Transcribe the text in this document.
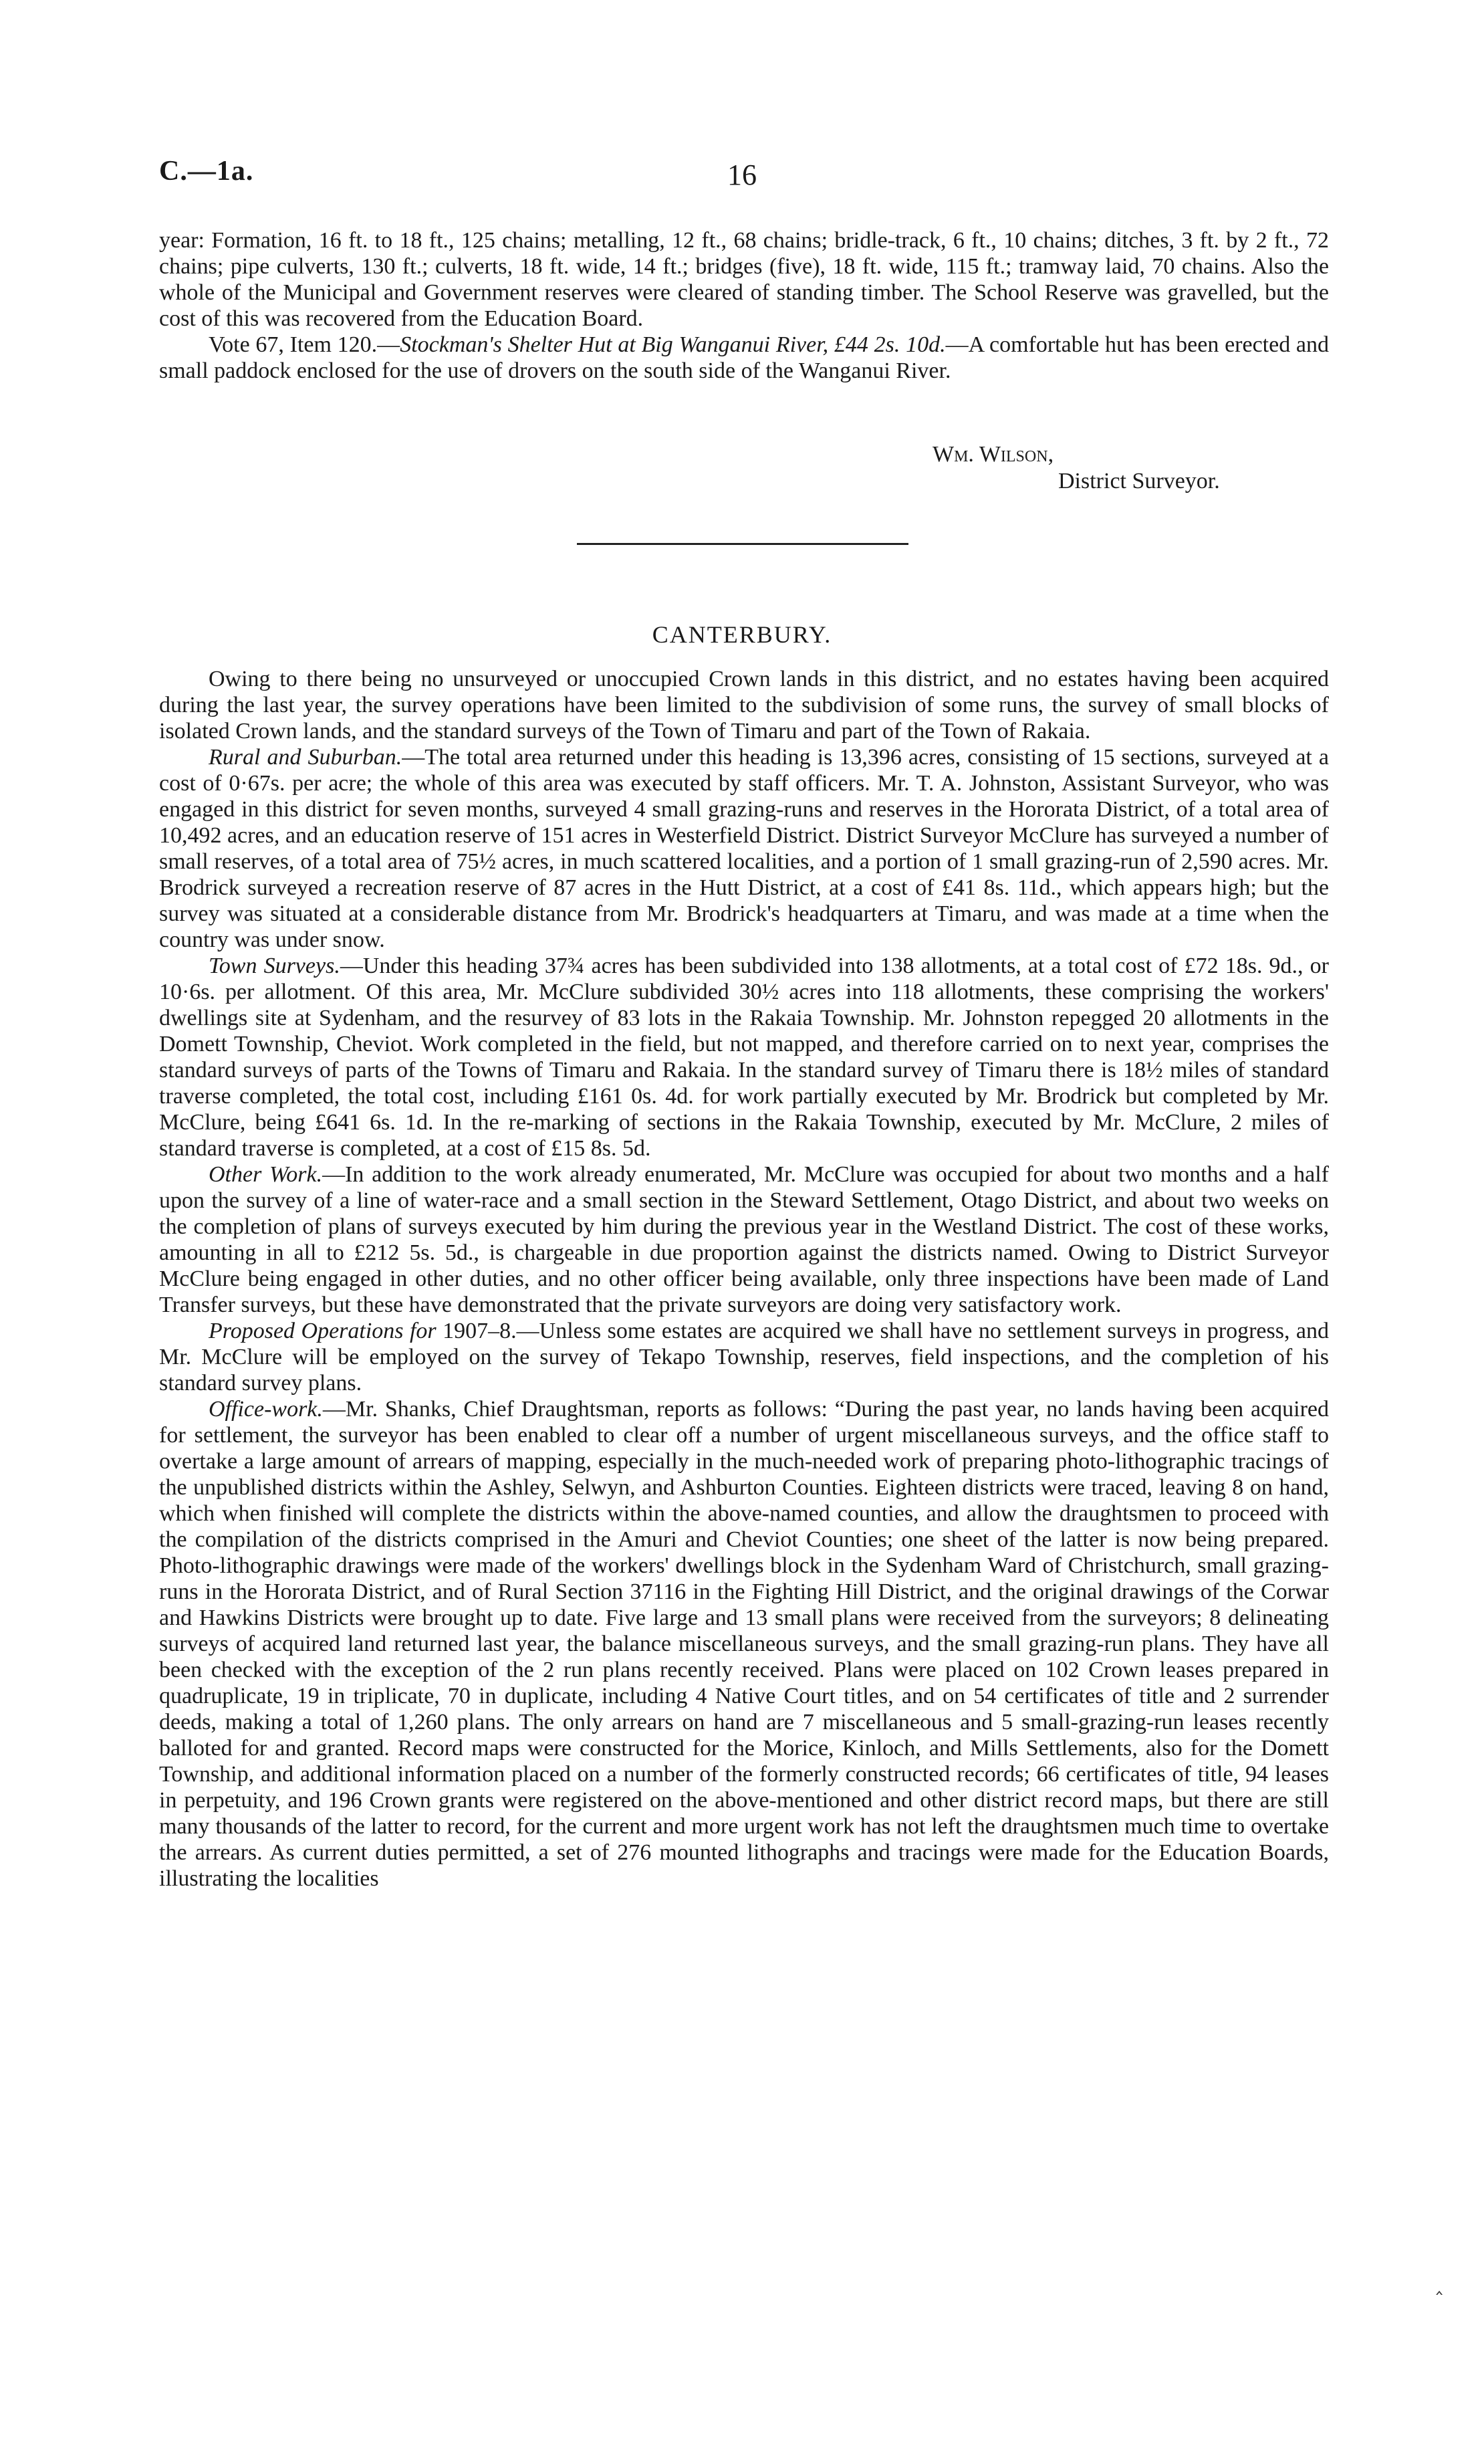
C.—1a.	16

year: Formation, 16 ft. to 18 ft., 125 chains; metalling, 12 ft., 68 chains; bridle-track, 6 ft., 10 chains; ditches, 3 ft. by 2 ft., 72 chains; pipe culverts, 130 ft.; culverts, 18 ft. wide, 14 ft.; bridges (five), 18 ft. wide, 115 ft.; tramway laid, 70 chains. Also the whole of the Municipal and Government reserves were cleared of standing timber. The School Reserve was gravelled, but the cost of this was recovered from the Education Board.

Vote 67, Item 120.—Stockman's Shelter Hut at Big Wanganui River, £44 2s. 10d.—A comfortable hut has been erected and small paddock enclosed for the use of drovers on the south side of the Wanganui River.

Wm. Wilson,
District Surveyor.
CANTERBURY.

Owing to there being no unsurveyed or unoccupied Crown lands in this district, and no estates having been acquired during the last year, the survey operations have been limited to the subdivision of some runs, the survey of small blocks of isolated Crown lands, and the standard surveys of the Town of Timaru and part of the Town of Rakaia.

Rural and Suburban.—The total area returned under this heading is 13,396 acres, consisting of 15 sections, surveyed at a cost of 0·67s. per acre; the whole of this area was executed by staff officers. Mr. T. A. Johnston, Assistant Surveyor, who was engaged in this district for seven months, surveyed 4 small grazing-runs and reserves in the Hororata District, of a total area of 10,492 acres, and an education reserve of 151 acres in Westerfield District. District Surveyor McClure has surveyed a number of small reserves, of a total area of 75½ acres, in much scattered localities, and a portion of 1 small grazing-run of 2,590 acres. Mr. Brodrick surveyed a recreation reserve of 87 acres in the Hutt District, at a cost of £41 8s. 11d., which appears high; but the survey was situated at a considerable distance from Mr. Brodrick's headquarters at Timaru, and was made at a time when the country was under snow.

Town Surveys.—Under this heading 37¾ acres has been subdivided into 138 allotments, at a total cost of £72 18s. 9d., or 10·6s. per allotment. Of this area, Mr. McClure subdivided 30½ acres into 118 allotments, these comprising the workers' dwellings site at Sydenham, and the resurvey of 83 lots in the Rakaia Township. Mr. Johnston repegged 20 allotments in the Domett Township, Cheviot. Work completed in the field, but not mapped, and therefore carried on to next year, comprises the standard surveys of parts of the Towns of Timaru and Rakaia. In the standard survey of Timaru there is 18½ miles of standard traverse completed, the total cost, including £161 0s. 4d. for work partially executed by Mr. Brodrick but completed by Mr. McClure, being £641 6s. 1d. In the re-marking of sections in the Rakaia Township, executed by Mr. McClure, 2 miles of standard traverse is completed, at a cost of £15 8s. 5d.

Other Work.—In addition to the work already enumerated, Mr. McClure was occupied for about two months and a half upon the survey of a line of water-race and a small section in the Steward Settlement, Otago District, and about two weeks on the completion of plans of surveys executed by him during the previous year in the Westland District. The cost of these works, amounting in all to £212 5s. 5d., is chargeable in due proportion against the districts named. Owing to District Surveyor McClure being engaged in other duties, and no other officer being available, only three inspections have been made of Land Transfer surveys, but these have demonstrated that the private surveyors are doing very satisfactory work.

Proposed Operations for 1907–8.—Unless some estates are acquired we shall have no settlement surveys in progress, and Mr. McClure will be employed on the survey of Tekapo Township, reserves, field inspections, and the completion of his standard survey plans.

Office-work.—Mr. Shanks, Chief Draughtsman, reports as follows: “During the past year, no lands having been acquired for settlement, the surveyor has been enabled to clear off a number of urgent miscellaneous surveys, and the office staff to overtake a large amount of arrears of mapping, especially in the much-needed work of preparing photo-lithographic tracings of the unpublished districts within the Ashley, Selwyn, and Ashburton Counties. Eighteen districts were traced, leaving 8 on hand, which when finished will complete the districts within the above-named counties, and allow the draughtsmen to proceed with the compilation of the districts comprised in the Amuri and Cheviot Counties; one sheet of the latter is now being prepared. Photo-lithographic drawings were made of the workers' dwellings block in the Sydenham Ward of Christchurch, small grazing-runs in the Hororata District, and of Rural Section 37116 in the Fighting Hill District, and the original drawings of the Corwar and Hawkins Districts were brought up to date. Five large and 13 small plans were received from the surveyors; 8 delineating surveys of acquired land returned last year, the balance miscellaneous surveys, and the small grazing-run plans. They have all been checked with the exception of the 2 run plans recently received. Plans were placed on 102 Crown leases prepared in quadruplicate, 19 in triplicate, 70 in duplicate, including 4 Native Court titles, and on 54 certificates of title and 2 surrender deeds, making a total of 1,260 plans. The only arrears on hand are 7 miscellaneous and 5 small-grazing-run leases recently balloted for and granted. Record maps were constructed for the Morice, Kinloch, and Mills Settlements, also for the Domett Township, and additional information placed on a number of the formerly constructed records; 66 certificates of title, 94 leases in perpetuity, and 196 Crown grants were registered on the above-mentioned and other district record maps, but there are still many thousands of the latter to record, for the current and more urgent work has not left the draughtsmen much time to overtake the arrears. As current duties permitted, a set of 276 mounted lithographs and tracings were made for the Education Boards, illustrating the localities

‸
